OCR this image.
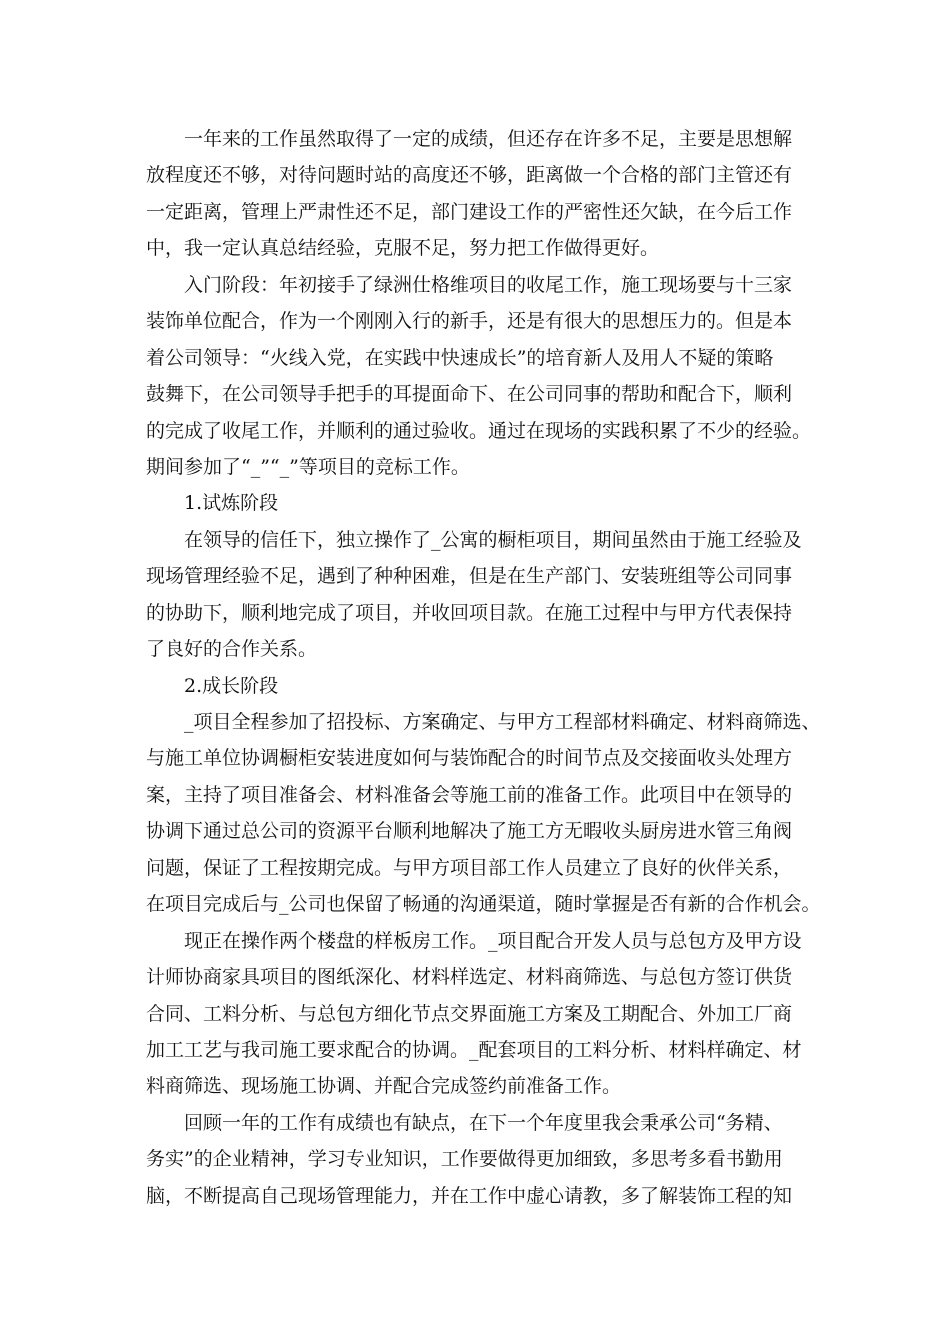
一年来的工作虽然取得了一定的成绩，但还存在许多不足，主要是思想解
放程度还不够，对待问题时站的高度还不够，距离做一个合格的部门主管还有
一定距离，管理上严肃性还不足，部门建设工作的严密性还欠缺，在今后工作
中，我一定认真总结经验，克服不足，努力把工作做得更好。
入门阶段：年初接手了绿洲仕格维项目的收尾工作，施工现场要与十三家
装饰单位配合，作为一个刚刚入行的新手，还是有很大的思想压力的。但是本
着公司领导：“火线入党，在实践中快速成长”的培育新人及用人不疑的策略
鼓舞下，在公司领导手把手的耳提面命下、在公司同事的帮助和配合下，顺利
的完成了收尾工作，并顺利的通过验收。通过在现场的实践积累了不少的经验。
期间参加了“_”“_”等项目的竞标工作。
1.试炼阶段
在领导的信任下，独立操作了_公寓的橱柜项目，期间虽然由于施工经验及
现场管理经验不足，遇到了种种困难，但是在生产部门、安装班组等公司同事
的协助下，顺利地完成了项目，并收回项目款。在施工过程中与甲方代表保持
了良好的合作关系。
2.成长阶段
_项目全程参加了招投标、方案确定、与甲方工程部材料确定、材料商筛选、
与施工单位协调橱柜安装进度如何与装饰配合的时间节点及交接面收头处理方
案，主持了项目准备会、材料准备会等施工前的准备工作。此项目中在领导的
协调下通过总公司的资源平台顺利地解决了施工方无暇收头厨房进水管三角阀
问题，保证了工程按期完成。与甲方项目部工作人员建立了良好的伙伴关系，
在项目完成后与_公司也保留了畅通的沟通渠道，随时掌握是否有新的合作机会。
现正在操作两个楼盘的样板房工作。_项目配合开发人员与总包方及甲方设
计师协商家具项目的图纸深化、材料样选定、材料商筛选、与总包方签订供货
合同、工料分析、与总包方细化节点交界面施工方案及工期配合、外加工厂商
加工工艺与我司施工要求配合的协调。_配套项目的工料分析、材料样确定、材
料商筛选、现场施工协调、并配合完成签约前准备工作。
回顾一年的工作有成绩也有缺点，在下一个年度里我会秉承公司“务精、
务实”的企业精神，学习专业知识，工作要做得更加细致，多思考多看书勤用
脑，不断提高自己现场管理能力，并在工作中虚心请教，多了解装饰工程的知
